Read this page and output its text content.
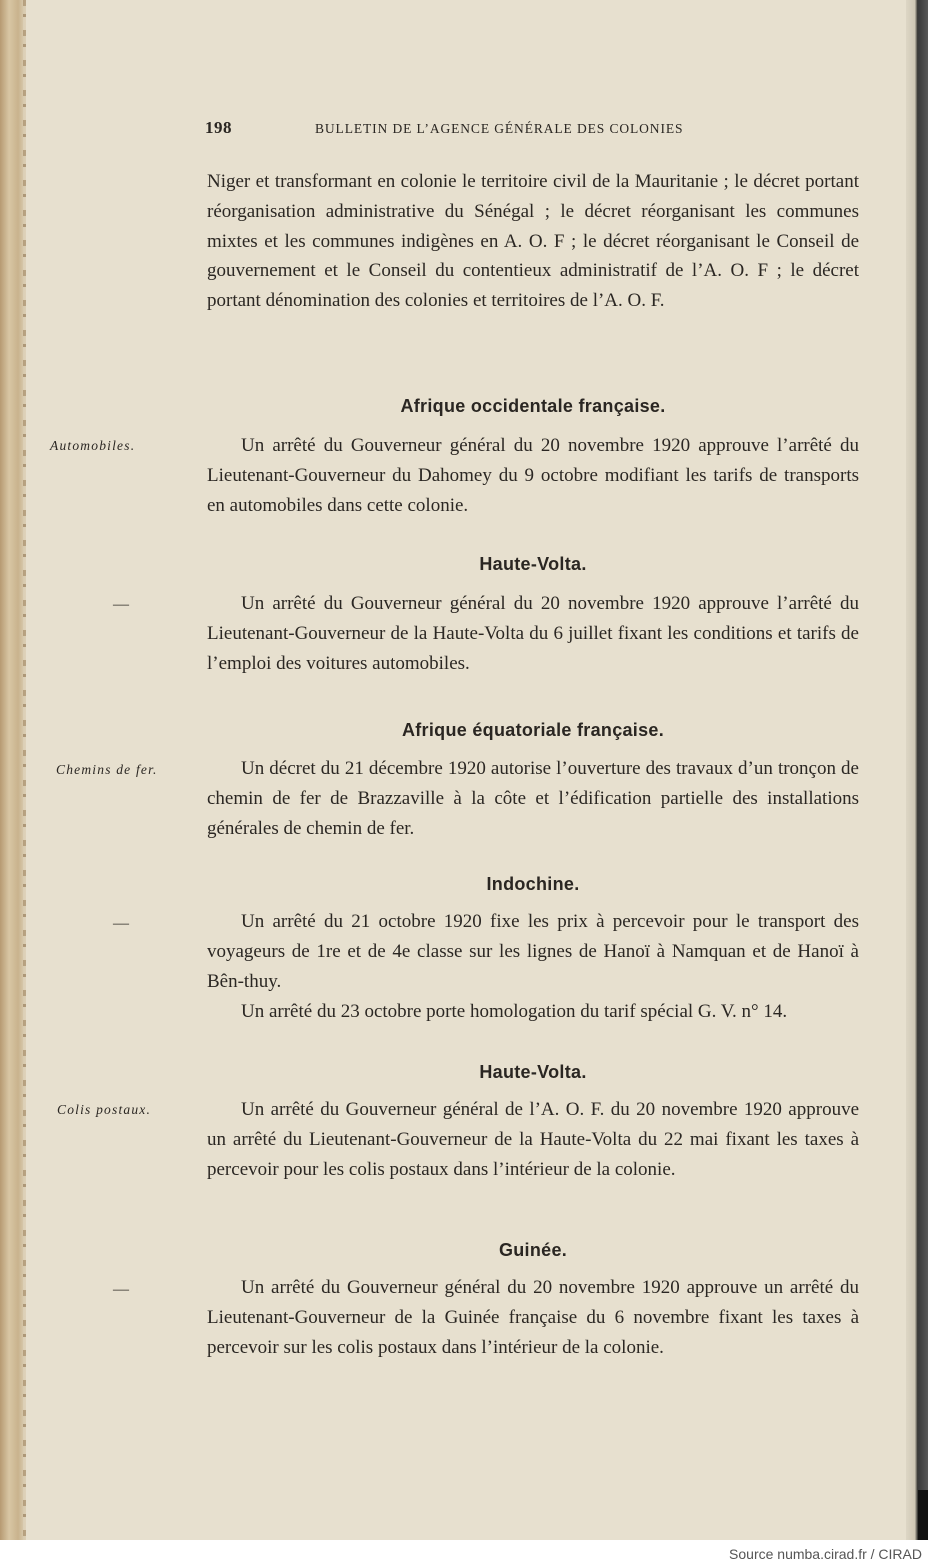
198	BULLETIN DE L’AGENCE GÉNÉRALE DES COLONIES

Niger et transformant en colonie le territoire civil de la Mauritanie ; le décret portant réorganisation administrative du Sénégal ; le décret réorganisant les communes mixtes et les communes indigènes en A. O. F ; le décret réorganisant le Conseil de gouvernement et le Conseil du contentieux administratif de l’A. O. F ; le décret portant dénomination des colonies et territoires de l’A. O. F.

Afrique occidentale française.
Automobiles.	Un arrêté du Gouverneur général du 20 novembre 1920 approuve l’arrêté du Lieutenant-Gouverneur du Dahomey du 9 octobre modifiant les tarifs de transports en automobiles dans cette colonie.

Haute-Volta.
—	Un arrêté du Gouverneur général du 20 novembre 1920 approuve l’arrêté du Lieutenant-Gouverneur de la Haute-Volta du 6 juillet fixant les conditions et tarifs de l’emploi des voitures automobiles.

Afrique équatoriale française.
Chemins de fer.	Un décret du 21 décembre 1920 autorise l’ouverture des travaux d’un tronçon de chemin de fer de Brazzaville à la côte et l’édification partielle des installations générales de chemin de fer.

Indochine.
—	Un arrêté du 21 octobre 1920 fixe les prix à percevoir pour le transport des voyageurs de 1re et de 4e classe sur les lignes de Hanoï à Namquan et de Hanoï à Bên-thuy.

Un arrêté du 23 octobre porte homologation du tarif spécial G. V. n° 14.

Haute-Volta.
Colis postaux.	Un arrêté du Gouverneur général de l’A. O. F. du 20 novembre 1920 approuve un arrêté du Lieutenant-Gouverneur de la Haute-Volta du 22 mai fixant les taxes à percevoir pour les colis postaux dans l’intérieur de la colonie.

Guinée.
—	Un arrêté du Gouverneur général du 20 novembre 1920 approuve un arrêté du Lieutenant-Gouverneur de la Guinée française du 6 novembre fixant les taxes à percevoir sur les colis postaux dans l’intérieur de la colonie.

Source numba.cirad.fr / CIRAD
